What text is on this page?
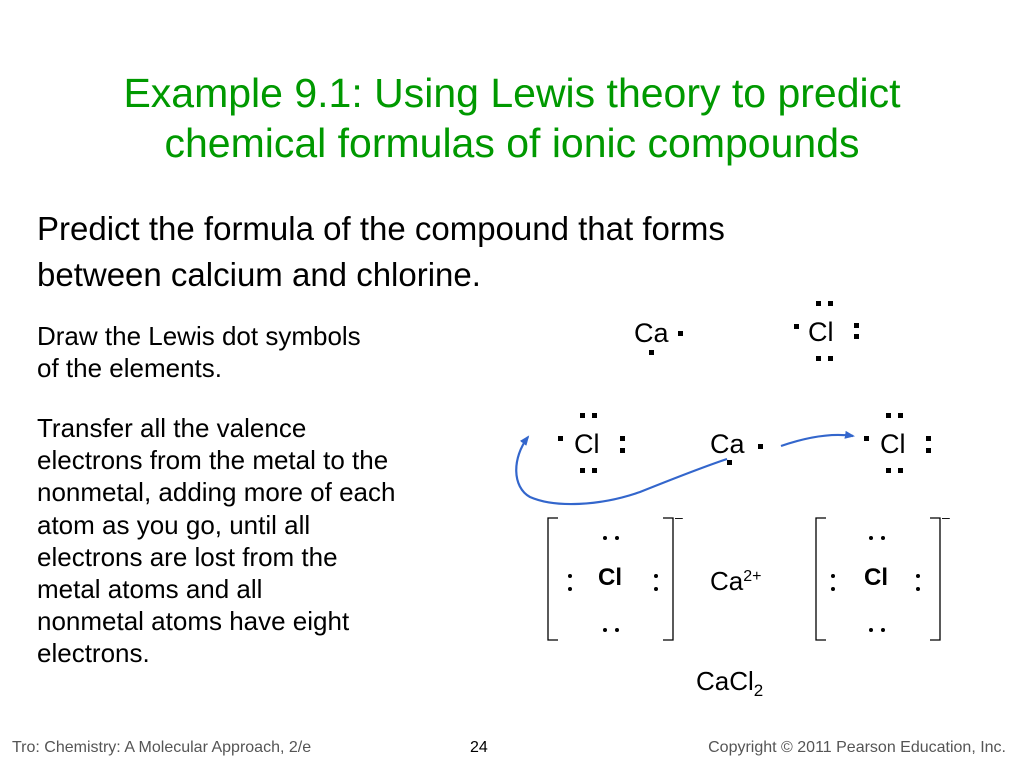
Example 9.1: Using Lewis theory to predict
chemical formulas of ionic compounds
Predict the formula of the compound that forms
between calcium and chlorine.
Draw the Lewis dot symbols
of the elements.
Transfer all the valence
electrons from the metal to the
nonmetal, adding more of each
atom as you go, until all
electrons are lost from the
metal atoms and all
nonmetal atoms have eight
electrons.
Ca	Cl
Cl	Ca	Cl
Cl
–
$Ca^{2+}$	Cl
–
CaCl$_2$
Tro: Chemistry: A Molecular Approach, 2/e	24	Copyright © 2011 Pearson Education, Inc.
